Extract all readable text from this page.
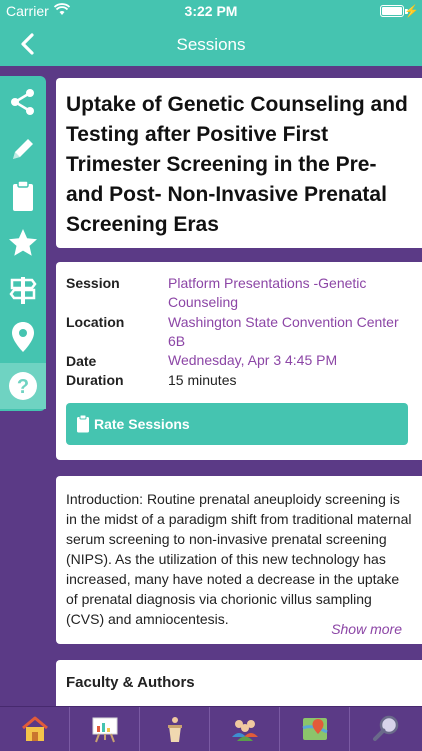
Carrier	3:22 PM	⚡
Sessions
?
Uptake of Genetic Counseling and Testing after Positive First Trimester Screening in the Pre- and Post- Non-Invasive Prenatal Screening Eras
Session	Platform Presentations -Genetic Counseling
Location	Washington State Convention Center 6B
Date	Wednesday, Apr 3 4:45 PM
Duration	15 minutes
Rate Sessions
Introduction: Routine prenatal aneuploidy screening is in the midst of a paradigm shift from traditional maternal serum screening to non-invasive prenatal screening (NIPS). As the utilization of this new technology has increased, many have noted a decrease in the uptake of prenatal diagnosis via chorionic villus sampling (CVS) and amniocentesis.
Show more
Faculty & Authors
